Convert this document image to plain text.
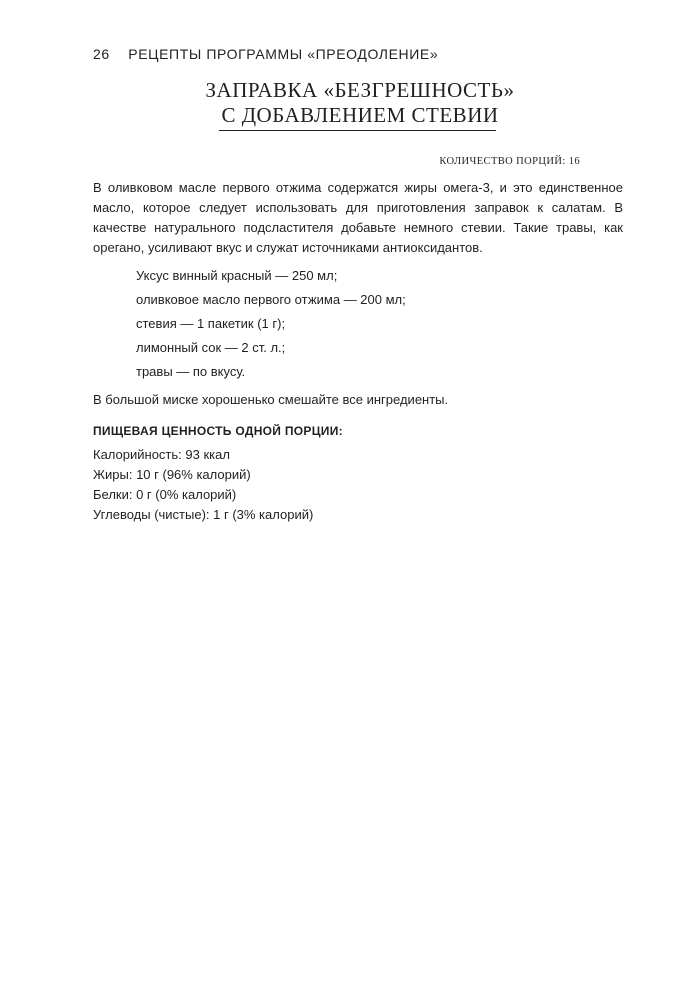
26 РЕЦЕПТЫ ПРОГРАММЫ «ПРЕОДОЛЕНИЕ»
ЗАПРАВКА «БЕЗГРЕШНОСТЬ»
С ДОБАВЛЕНИЕМ СТЕВИИ
КОЛИЧЕСТВО ПОРЦИЙ: 16

В оливковом масле первого отжима содержатся жиры омега-3, и это единственное масло, которое следует использовать для приготовления заправок к салатам. В качестве натурального подсластителя добавьте немного стевии. Такие травы, как орегано, усиливают вкус и служат источниками антиоксидантов.

Уксус винный красный — 250 мл;
оливковое масло первого отжима — 200 мл;
стевия — 1 пакетик (1 г);
лимонный сок — 2 ст. л.;
травы — по вкусу.

В большой миске хорошенько смешайте все ингредиенты.

ПИЩЕВАЯ ЦЕННОСТЬ ОДНОЙ ПОРЦИИ:

Калорийность: 93 ккал
Жиры: 10 г (96% калорий)
Белки: 0 г (0% калорий)
Углеводы (чистые): 1 г (3% калорий)
